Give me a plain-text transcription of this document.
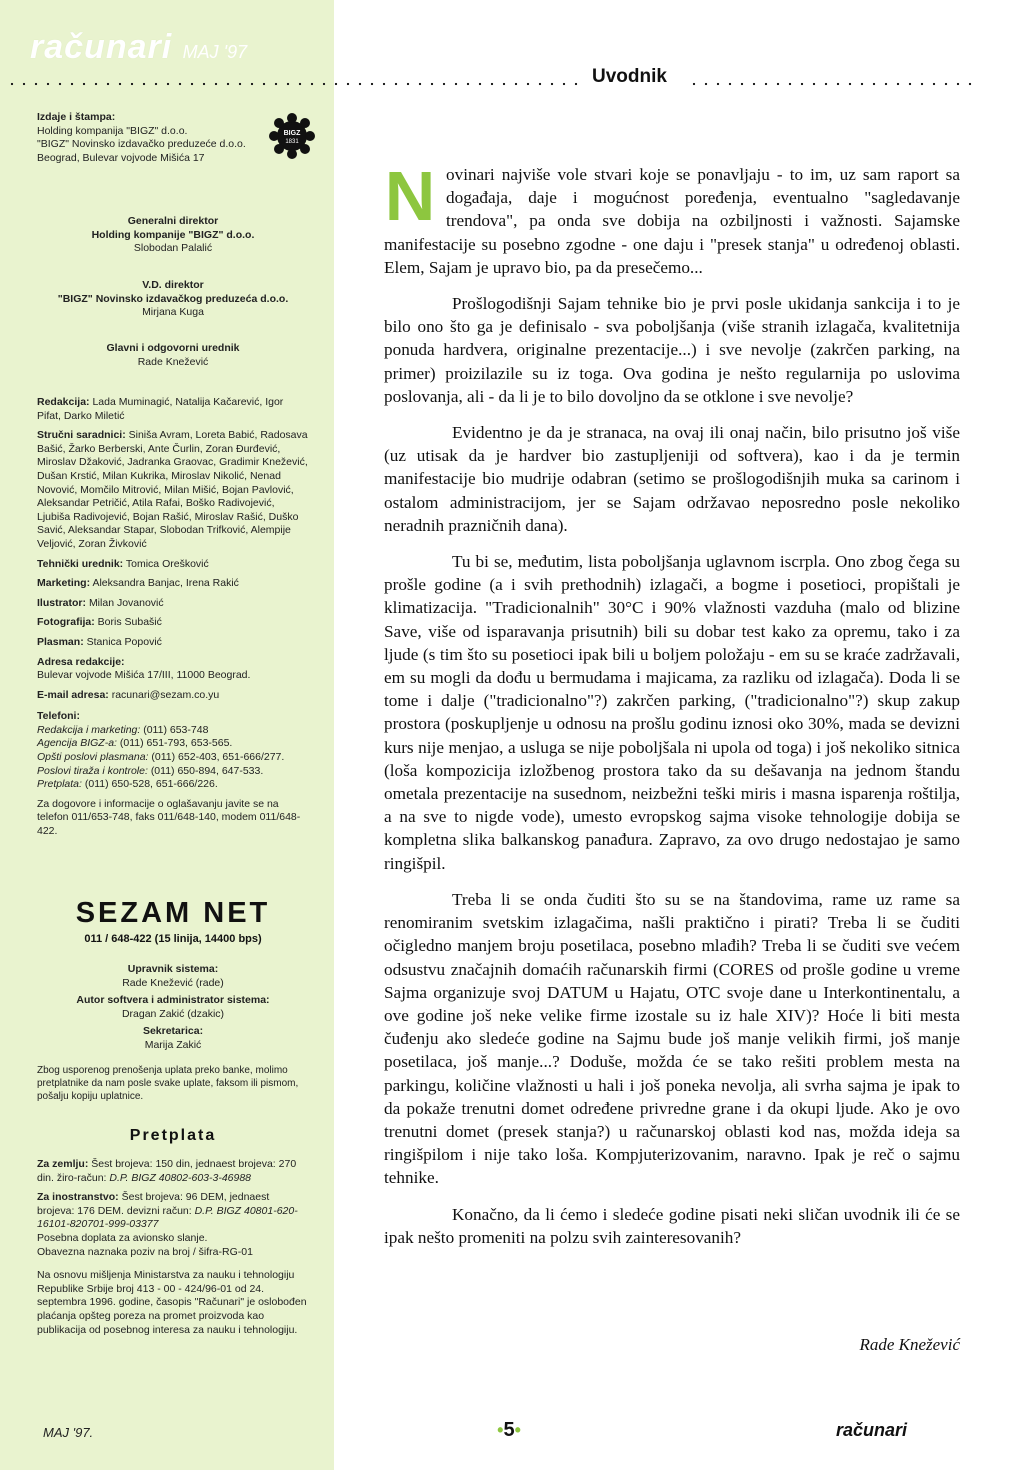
računari MAJ '97
Uvodnik
Izdaje i štampa:
Holding kompanija "BIGZ" d.o.o.
"BIGZ" Novinsko izdavačko preduzeće d.o.o.
Beograd, Bulevar vojvode Mišića 17
BIGZ
1831
Generalni direktor
Holding kompanije "BIGZ" d.o.o.
Slobodan Palalić
V.D. direktor
"BIGZ" Novinsko izdavačkog preduzeća d.o.o.
Mirjana Kuga
Glavni i odgovorni urednik
Rade Knežević
Redakcija: Lada Muminagić, Natalija Kačarević, Igor Pifat, Darko Miletić
Stručni saradnici: Siniša Avram, Loreta Babić, Radosava Bašić, Žarko Berberski, Ante Čurlin, Zoran Đurđević, Miroslav Džaković, Jadranka Graovac, Gradimir Knežević, Dušan Krstić, Milan Kukrika, Miroslav Nikolić, Nenad Novović, Momčilo Mitrović, Milan Mišić, Bojan Pavlović, Aleksandar Petričić, Atila Rafai, Boško Radivojević, Ljubiša Radivojević, Bojan Rašić, Miroslav Rašić, Duško Savić, Aleksandar Stapar, Slobodan Trifković, Alempije Veljović, Zoran Živković
Tehnički urednik: Tomica Orešković
Marketing: Aleksandra Banjac, Irena Rakić
Ilustrator: Milan Jovanović
Fotografija: Boris Subašić
Plasman: Stanica Popović
Adresa redakcije:
Bulevar vojvode Mišića 17/III, 11000 Beograd.
E-mail adresa: racunari@sezam.co.yu
Telefoni:
Redakcija i marketing: (011) 653-748
Agencija BIGZ-a: (011) 651-793, 653-565.
Opšti poslovi plasmana: (011) 652-403, 651-666/277.
Poslovi tiraža i kontrole: (011) 650-894, 647-533.
Pretplata: (011) 650-528, 651-666/226.
Za dogovore i informacije o oglašavanju javite se na telefon 011/653-748, faks 011/648-140, modem 011/648-422.
SEZAM NET
011 / 648-422 (15 linija, 14400 bps)
Upravnik sistema:
Rade Knežević (rade)
Autor softvera i administrator sistema:
Dragan Zakić (dzakic)
Sekretarica:
Marija Zakić
Zbog usporenog prenošenja uplata preko banke, molimo pretplatnike da nam posle svake uplate, faksom ili pismom, pošalju kopiju uplatnice.
Pretplata
Za zemlju: Šest brojeva: 150 din, jednaest brojeva: 270 din. žiro-račun: D.P. BIGZ 40802-603-3-46988
Za inostranstvo: Šest brojeva: 96 DEM, jednaest brojeva: 176 DEM. devizni račun: D.P. BIGZ 40801-620-16101-820701-999-03377
Posebna doplata za avionsko slanje.
Obavezna naznaka poziv na broj / šifra-RG-01
Na osnovu mišljenja Ministarstva za nauku i tehnologiju Republike Srbije broj 413 - 00 - 424/96-01 od 24. septembra 1996. godine, časopis "Računari" je oslobođen plaćanja opšteg poreza na promet proizvoda kao publikacija od posebnog interesa za nauku i tehnologiju.

Novinari najviše vole stvari koje se ponavljaju - to im, uz sam raport sa događaja, daje i mogućnost poređenja, eventualno "sagledavanje trendova", pa onda sve dobija na ozbiljnosti i važnosti. Sajamske manifestacije su posebno zgodne - one daju i "presek stanja" u određenoj oblasti. Elem, Sajam je upravo bio, pa da presečemo...

Prošlogodišnji Sajam tehnike bio je prvi posle ukidanja sankcija i to je bilo ono što ga je definisalo - sva poboljšanja (više stranih izlagača, kvalitetnija ponuda hardvera, originalne prezentacije...) i sve nevolje (zakrčen parking, na primer) proizilazile su iz toga. Ova godina je nešto regularnija po uslovima poslovanja, ali - da li je to bilo dovoljno da se otklone i sve nevolje?

Evidentno je da je stranaca, na ovaj ili onaj način, bilo prisutno još više (uz utisak da je hardver bio zastupljeniji od softvera), kao i da je termin manifestacije bio mudrije odabran (setimo se prošlogodišnjih muka sa carinom i ostalom administracijom, jer se Sajam održavao neposredno posle nekoliko neradnih prazničnih dana).

Tu bi se, međutim, lista poboljšanja uglavnom iscrpla. Ono zbog čega su prošle godine (a i svih prethodnih) izlagači, a bogme i posetioci, propištali je klimatizacija. "Tradicionalnih" 30°C i 90% vlažnosti vazduha (malo od blizine Save, više od isparavanja prisutnih) bili su dobar test kako za opremu, tako i za ljude (s tim što su posetioci ipak bili u boljem položaju - em su se kraće zadržavali, em su mogli da dođu u bermudama i majicama, za razliku od izlagača). Doda li se tome i dalje ("tradicionalno"?) zakrčen parking, ("tradicionalno"?) skup zakup prostora (poskupljenje u odnosu na prošlu godinu iznosi oko 30%, mada se devizni kurs nije menjao, a usluga se nije poboljšala ni upola od toga) i još nekoliko sitnica (loša kompozicija izložbenog prostora tako da su dešavanja na jednom štandu ometala prezentacije na susednom, neizbežni teški miris i masna isparenja roštilja, a na sve to nigde vode), umesto evropskog sajma visoke tehnologije dobija se kompletna slika balkanskog panađura. Zapravo, za ovo drugo nedostajao je samo ringišpil.

Treba li se onda čuditi što su se na štandovima, rame uz rame sa renomiranim svetskim izlagačima, našli praktično i pirati? Treba li se čuditi očigledno manjem broju posetilaca, posebno mlađih? Treba li se čuditi sve većem odsustvu značajnih domaćih računarskih firmi (CORES od prošle godine u vreme Sajma organizuje svoj DATUM u Hajatu, OTC svoje dane u Interkontinentalu, a ove godine još neke velike firme izostale su iz hale XIV)? Hoće li biti mesta čuđenju ako sledeće godine na Sajmu bude još manje velikih firmi, još manje posetilaca, još manje...? Doduše, možda će se tako rešiti problem mesta na parkingu, količine vlažnosti u hali i još poneka nevolja, ali svrha sajma je ipak to da pokaže trenutni domet određene privredne grane i da okupi ljude. Ako je ovo trenutni domet (presek stanja?) u računarskoj oblasti kod nas, možda ideja sa ringišpilom i nije tako loša. Kompjuterizovanim, naravno. Ipak je reč o sajmu tehnike.

Konačno, da li ćemo i sledeće godine pisati neki sličan uvodnik ili će se ipak nešto promeniti na polzu svih zainteresovanih?

Rade Knežević
MAJ '97.	•5•	računari
